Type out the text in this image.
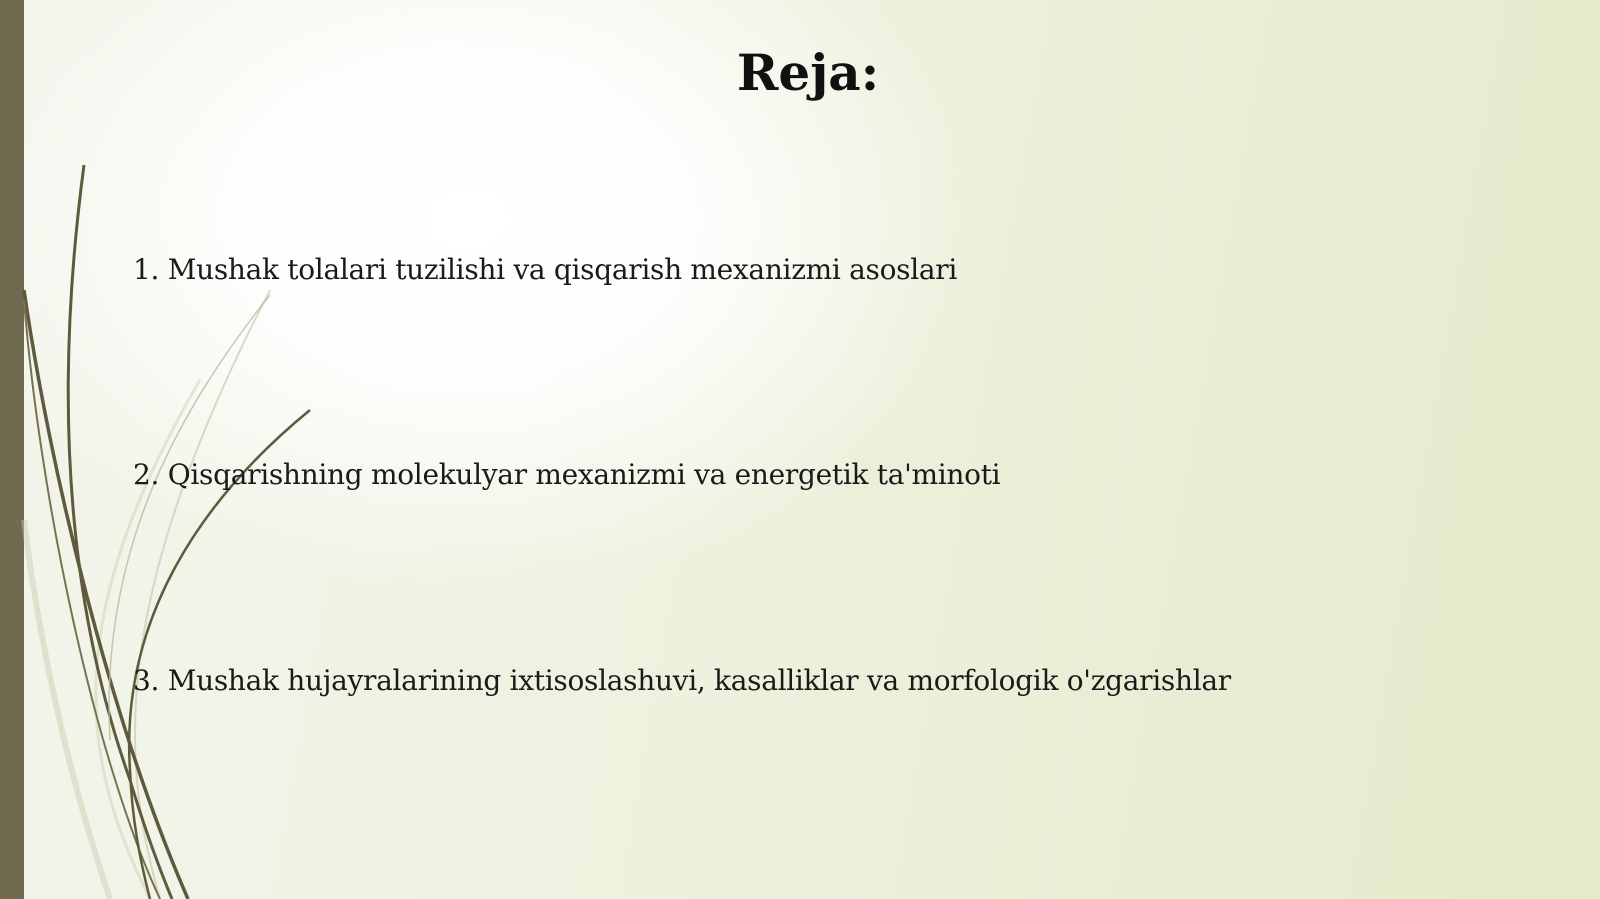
Reja:
1. Mushak tolalari tuzilishi va qisqarish mexanizmi asoslari
2. Qisqarishning molekulyar mexanizmi va energetik ta'minoti
3. Mushak hujayralarining ixtisoslashuvi, kasalliklar va morfologik o'zgarishlar
